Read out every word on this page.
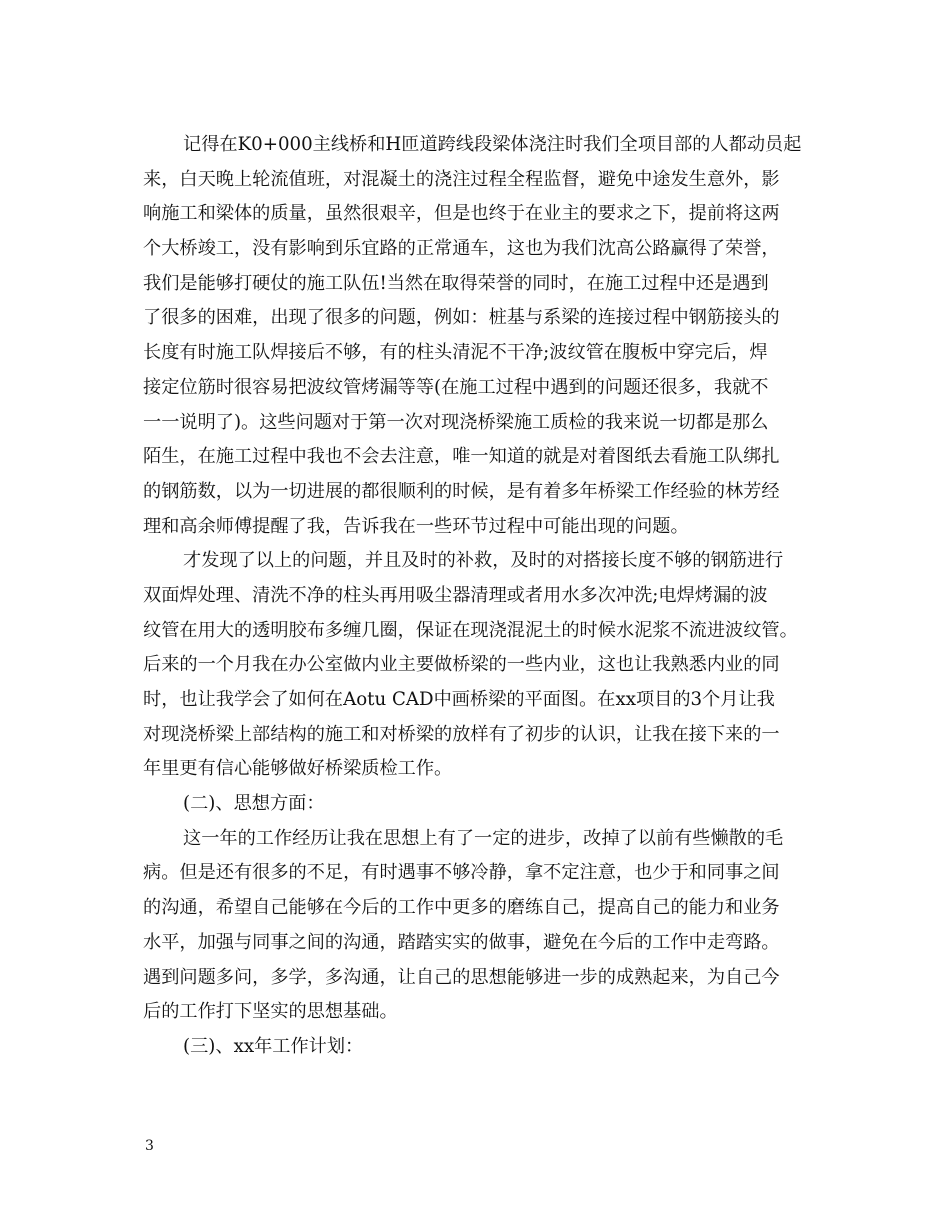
记得在K0+000主线桥和H匝道跨线段梁体浇注时我们全项目部的人都动员起
来，白天晚上轮流值班，对混凝土的浇注过程全程监督，避免中途发生意外，影
响施工和梁体的质量，虽然很艰辛，但是也终于在业主的要求之下，提前将这两
个大桥竣工，没有影响到乐宜路的正常通车，这也为我们沈高公路赢得了荣誉，
我们是能够打硬仗的施工队伍!当然在取得荣誉的同时，在施工过程中还是遇到
了很多的困难，出现了很多的问题，例如：桩基与系梁的连接过程中钢筋接头的
长度有时施工队焊接后不够，有的柱头清泥不干净;波纹管在腹板中穿完后，焊
接定位筋时很容易把波纹管烤漏等等(在施工过程中遇到的问题还很多，我就不
一一说明了)。这些问题对于第一次对现浇桥梁施工质检的我来说一切都是那么
陌生，在施工过程中我也不会去注意，唯一知道的就是对着图纸去看施工队绑扎
的钢筋数，以为一切进展的都很顺利的时候，是有着多年桥梁工作经验的林芳经
理和高余师傅提醒了我，告诉我在一些环节过程中可能出现的问题。
才发现了以上的问题，并且及时的补救，及时的对搭接长度不够的钢筋进行
双面焊处理、清洗不净的柱头再用吸尘器清理或者用水多次冲洗;电焊烤漏的波
纹管在用大的透明胶布多缠几圈，保证在现浇混泥土的时候水泥浆不流进波纹管。
后来的一个月我在办公室做内业主要做桥梁的一些内业，这也让我熟悉内业的同
时，也让我学会了如何在Aotu CAD中画桥梁的平面图。在xx项目的3个月让我
对现浇桥梁上部结构的施工和对桥梁的放样有了初步的认识，让我在接下来的一
年里更有信心能够做好桥梁质检工作。
(二)、思想方面：
这一年的工作经历让我在思想上有了一定的进步，改掉了以前有些懒散的毛
病。但是还有很多的不足，有时遇事不够冷静，拿不定注意，也少于和同事之间
的沟通，希望自己能够在今后的工作中更多的磨练自己，提高自己的能力和业务
水平，加强与同事之间的沟通，踏踏实实的做事，避免在今后的工作中走弯路。
遇到问题多问，多学，多沟通，让自己的思想能够进一步的成熟起来，为自己今
后的工作打下坚实的思想基础。
(三)、xx年工作计划：
3
